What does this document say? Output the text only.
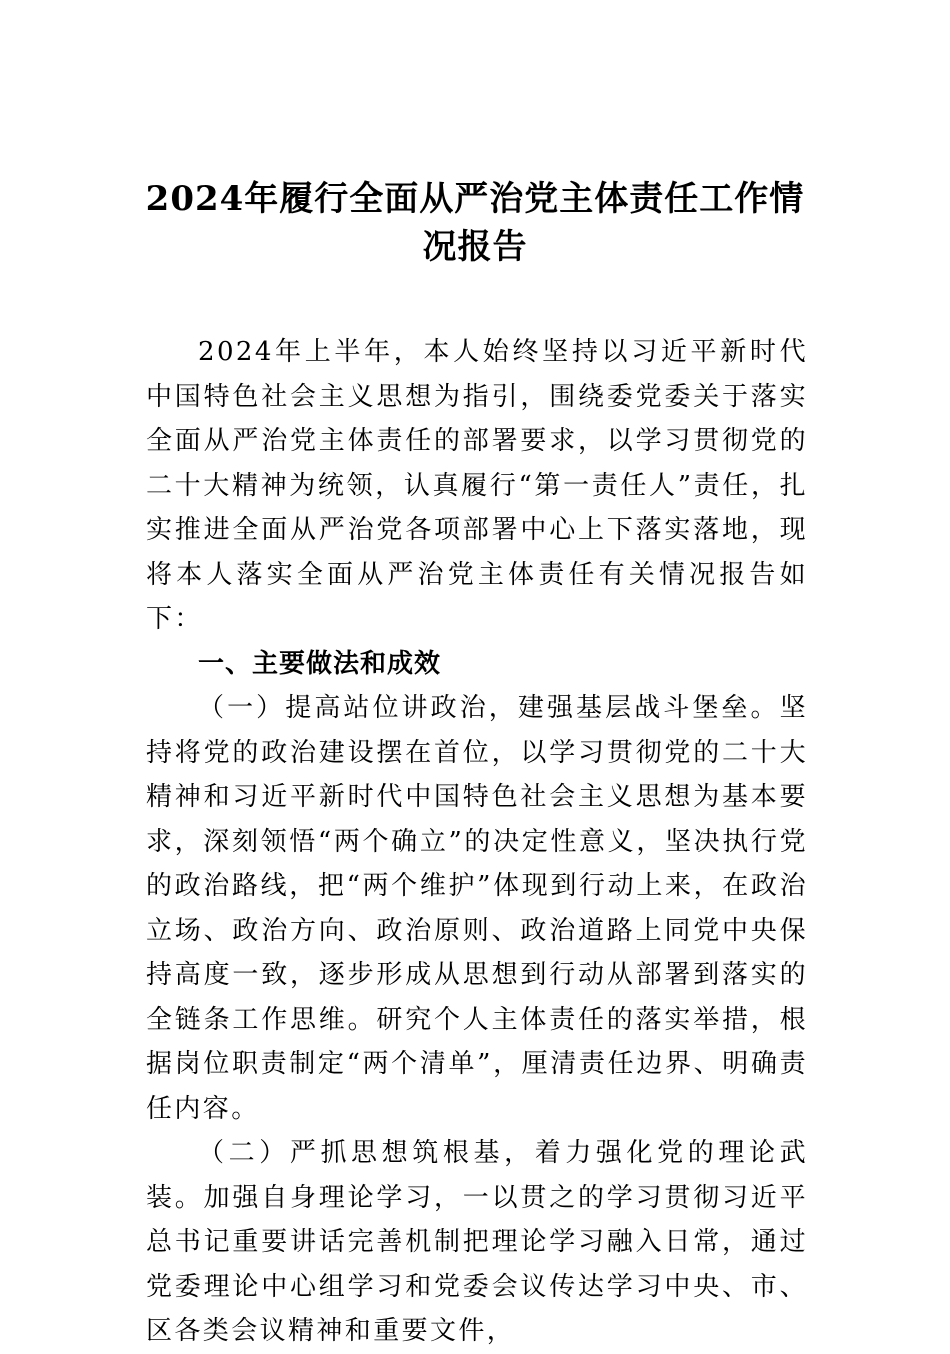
2024年履行全面从严治党主体责任工作情况报告

2024年上半年，本人始终坚持以习近平新时代中国特色社会主义思想为指引，围绕委党委关于落实全面从严治党主体责任的部署要求，以学习贯彻党的二十大精神为统领，认真履行“第一责任人”责任，扎实推进全面从严治党各项部署中心上下落实落地，现将本人落实全面从严治党主体责任有关情况报告如下：

一、主要做法和成效

（一）提高站位讲政治，建强基层战斗堡垒。坚持将党的政治建设摆在首位，以学习贯彻党的二十大精神和习近平新时代中国特色社会主义思想为基本要求，深刻领悟“两个确立”的决定性意义，坚决执行党的政治路线，把“两个维护”体现到行动上来，在政治立场、政治方向、政治原则、政治道路上同党中央保持高度一致，逐步形成从思想到行动从部署到落实的全链条工作思维。研究个人主体责任的落实举措，根据岗位职责制定“两个清单”，厘清责任边界、明确责任内容。

（二）严抓思想筑根基，着力强化党的理论武装。加强自身理论学习，一以贯之的学习贯彻习近平总书记重要讲话完善机制把理论学习融入日常，通过党委理论中心组学习和党委会议传达学习中央、市、区各类会议精神和重要文件，
